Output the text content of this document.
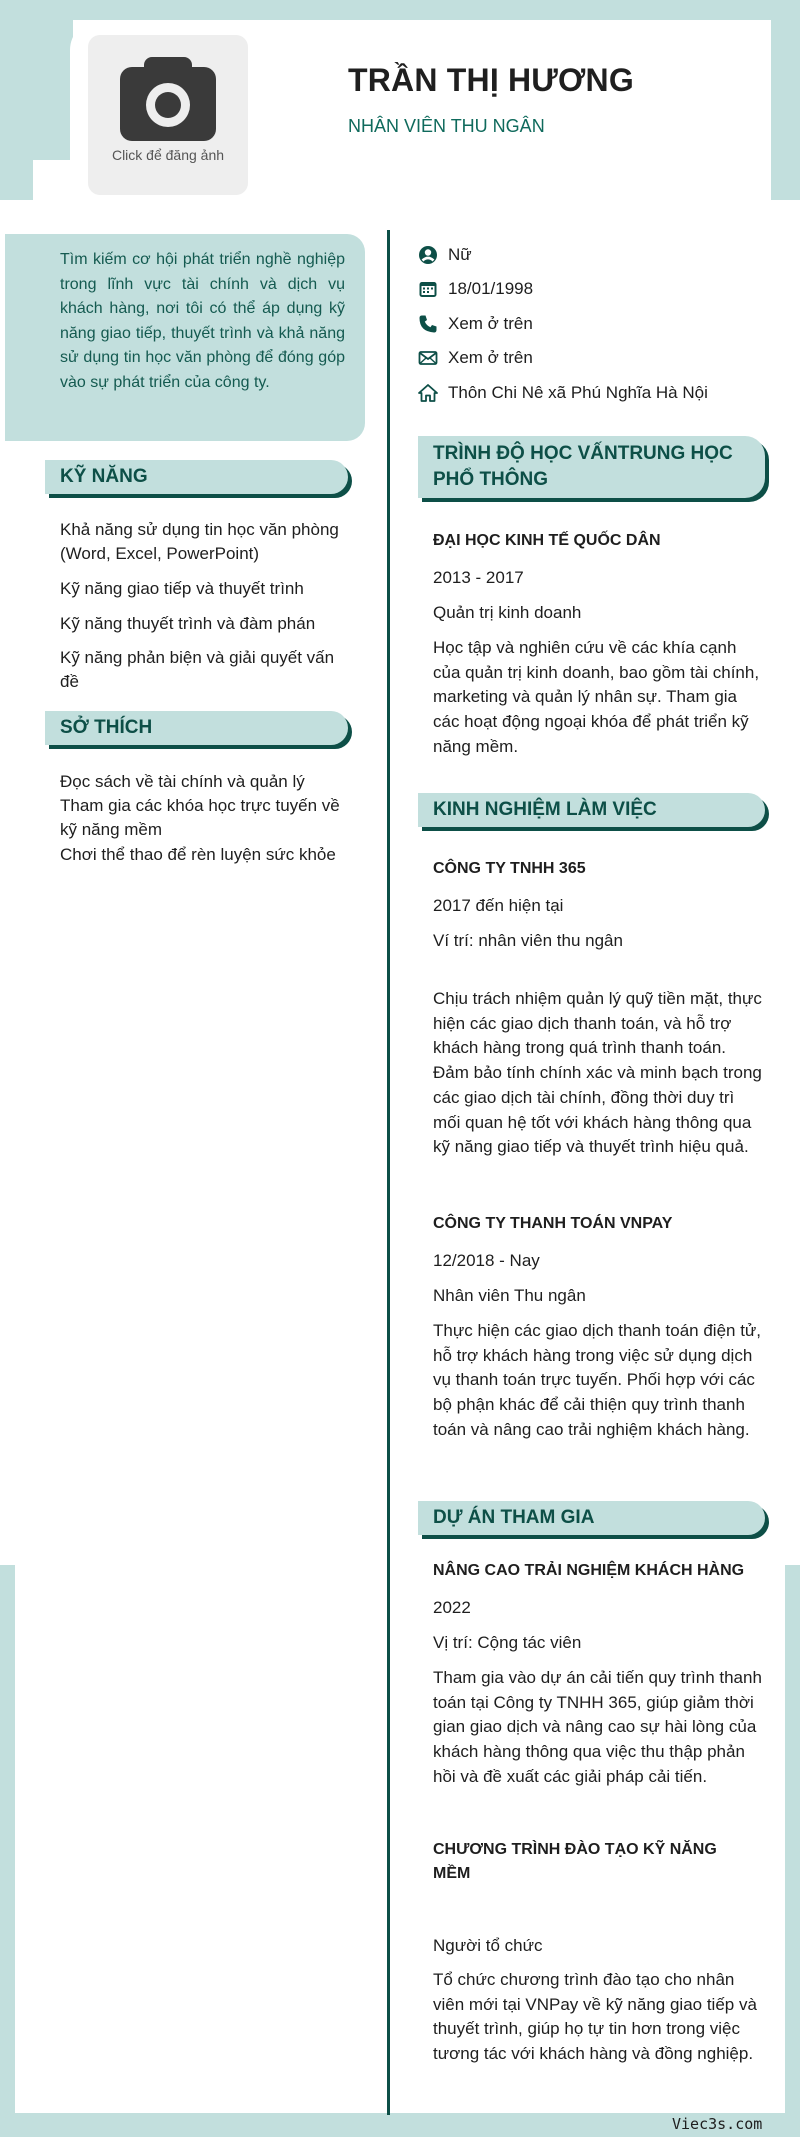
Click để đăng ảnh
TRẦN THỊ HƯƠNG
NHÂN VIÊN THU NGÂN
Tìm kiếm cơ hội phát triển nghề nghiệp trong lĩnh vực tài chính và dịch vụ khách hàng, nơi tôi có thể áp dụng kỹ năng giao tiếp, thuyết trình và khả năng sử dụng tin học văn phòng để đóng góp vào sự phát triển của công ty.
KỸ NĂNG
Khả năng sử dụng tin học văn phòng (Word, Excel, PowerPoint)
Kỹ năng giao tiếp và thuyết trình
Kỹ năng thuyết trình và đàm phán
Kỹ năng phản biện và giải quyết vấn đề
SỞ THÍCH
Đọc sách về tài chính và quản lý
Tham gia các khóa học trực tuyến về kỹ năng mềm
Chơi thể thao để rèn luyện sức khỏe
Nữ
18/01/1998
Xem ở trên
Xem ở trên
Thôn Chi Nê xã Phú Nghĩa Hà Nội
TRÌNH ĐỘ HỌC VẤNTRUNG HỌC PHỔ THÔNG
ĐẠI HỌC KINH TẾ QUỐC DÂN
2013 - 2017
Quản trị kinh doanh
Học tập và nghiên cứu về các khía cạnh của quản trị kinh doanh, bao gồm tài chính, marketing và quản lý nhân sự. Tham gia các hoạt động ngoại khóa để phát triển kỹ năng mềm.
KINH NGHIỆM LÀM VIỆC
CÔNG TY TNHH 365
2017 đến hiện tại
Ví trí: nhân viên thu ngân
Chịu trách nhiệm quản lý quỹ tiền mặt, thực hiện các giao dịch thanh toán, và hỗ trợ khách hàng trong quá trình thanh toán. Đảm bảo tính chính xác và minh bạch trong các giao dịch tài chính, đồng thời duy trì mối quan hệ tốt với khách hàng thông qua kỹ năng giao tiếp và thuyết trình hiệu quả.
CÔNG TY THANH TOÁN VNPAY
12/2018 - Nay
Nhân viên Thu ngân
Thực hiện các giao dịch thanh toán điện tử, hỗ trợ khách hàng trong việc sử dụng dịch vụ thanh toán trực tuyến. Phối hợp với các bộ phận khác để cải thiện quy trình thanh toán và nâng cao trải nghiệm khách hàng.
DỰ ÁN THAM GIA
NÂNG CAO TRẢI NGHIỆM KHÁCH HÀNG
2022
Vị trí: Cộng tác viên
Tham gia vào dự án cải tiến quy trình thanh toán tại Công ty TNHH 365, giúp giảm thời gian giao dịch và nâng cao sự hài lòng của khách hàng thông qua việc thu thập phản hồi và đề xuất các giải pháp cải tiến.
CHƯƠNG TRÌNH ĐÀO TẠO KỸ NĂNG MỀM
Người tổ chức
Tổ chức chương trình đào tạo cho nhân viên mới tại VNPay về kỹ năng giao tiếp và thuyết trình, giúp họ tự tin hơn trong việc tương tác với khách hàng và đồng nghiệp.
Viec3s.com
